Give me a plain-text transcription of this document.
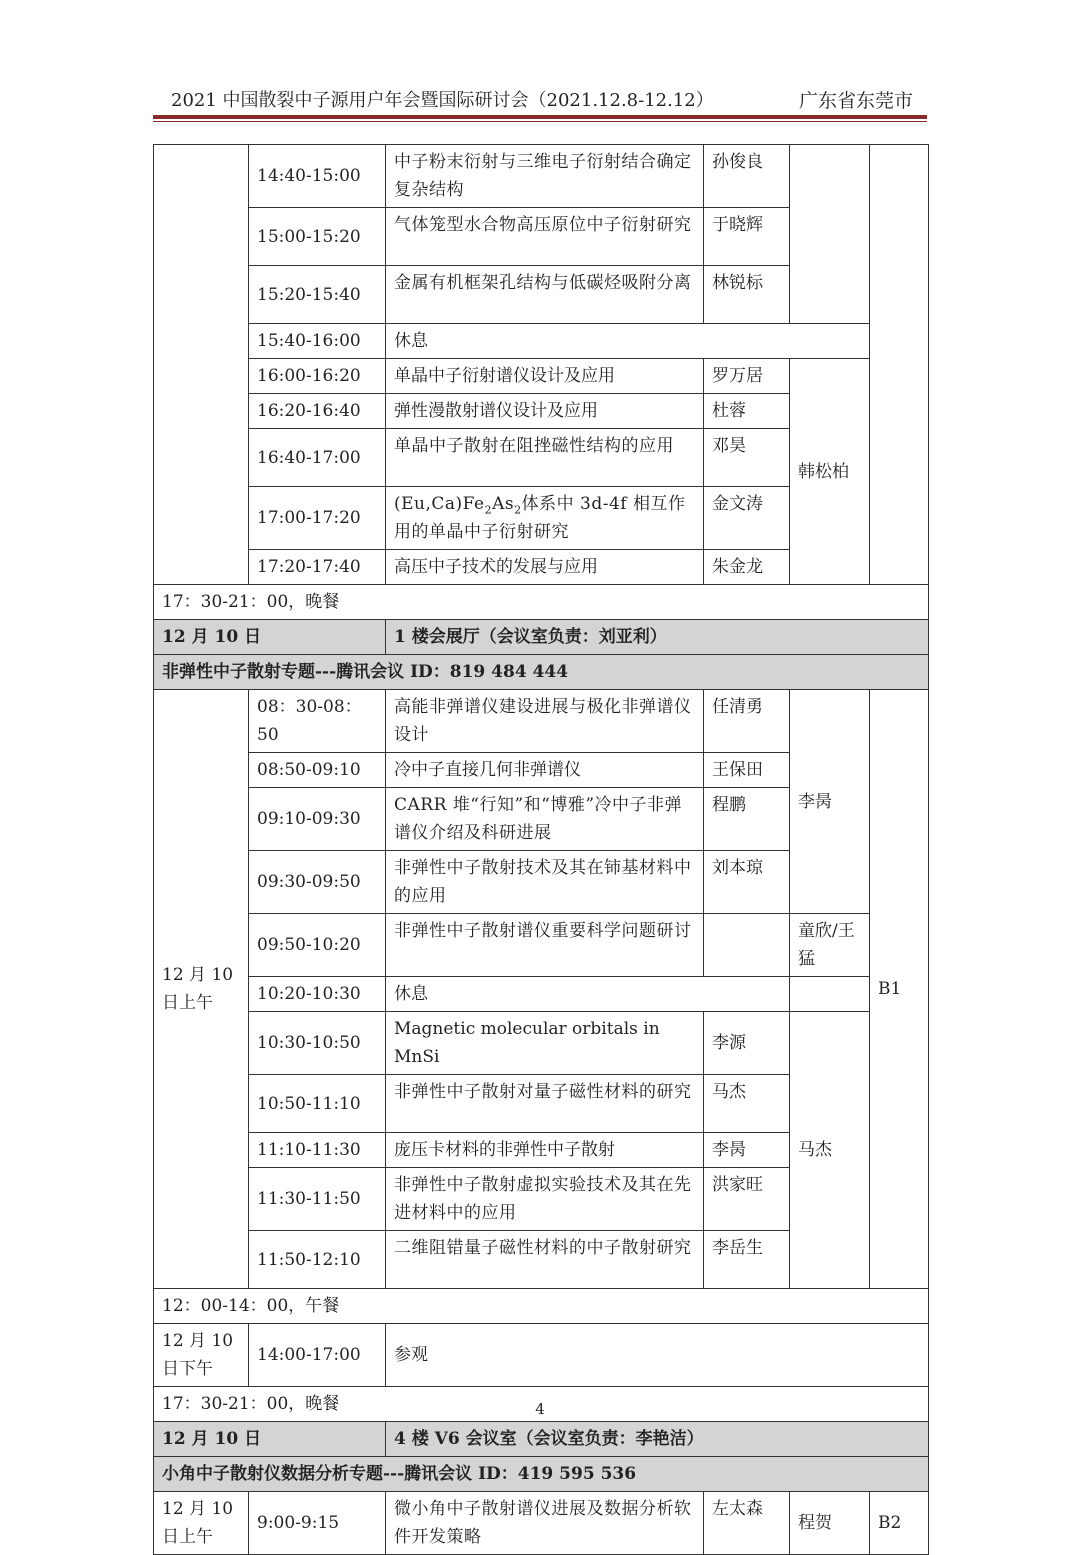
2021 中国散裂中子源用户年会暨国际研讨会（2021.12.8-12.12）	广东省东莞市
	14:40-15:00	中子粉末衍射与三维电子衍射结合确定复杂结构	孙俊良		
	15:00-15:20	气体笼型水合物高压原位中子衍射研究	于晓辉		
	15:20-15:40	金属有机框架孔结构与低碳烃吸附分离	林锐标		
	15:40-16:00	休息			
	16:00-16:20	单晶中子衍射谱仪设计及应用	罗万居	韩松柏	
	16:20-16:40	弹性漫散射谱仪设计及应用	杜蓉		
	16:40-17:00	单晶中子散射在阻挫磁性结构的应用	邓昊		
	17:00-17:20	$(Eu,Ca)Fe_2As_2$体系中 3d-4f 相互作用的单晶中子衍射研究	金文涛		
	17:20-17:40	高压中子技术的发展与应用	朱金龙		
17：30-21：00，晚餐					
12 月 10 日		1 楼会展厅（会议室负责：刘亚利）			
非弹性中子散射专题---腾讯会议 ID：819 484 444					
12 月 10 日上午	08：30-08：50	高能非弹谱仪建设进展与极化非弹谱仪设计	任清勇	李昺	B1
	08:50-09:10	冷中子直接几何非弹谱仪	王保田		
	09:10-09:30	CARR 堆“行知”和“博雅”冷中子非弹谱仪介绍及科研进展	程鹏		
	09:30-09:50	非弹性中子散射技术及其在铈基材料中的应用	刘本琼		
	09:50-10:20	非弹性中子散射谱仪重要科学问题研讨		童欣/王猛	
	10:20-10:30	休息			
	10:30-10:50	Magnetic molecular orbitals in MnSi	李源	马杰	
	10:50-11:10	非弹性中子散射对量子磁性材料的研究	马杰		
	11:10-11:30	庞压卡材料的非弹性中子散射	李昺		
	11:30-11:50	非弹性中子散射虚拟实验技术及其在先进材料中的应用	洪家旺		
	11:50-12:10	二维阻错量子磁性材料的中子散射研究	李岳生		
12：00-14：00，午餐					
12 月 10 日下午	14:00-17:00	参观			
17：30-21：00，晚餐					
12 月 10 日		4 楼 V6 会议室（会议室负责：李艳洁）			
小角中子散射仪数据分析专题---腾讯会议 ID：419 595 536					
12 月 10 日上午	9:00-9:15	微小角中子散射谱仪进展及数据分析软件开发策略	左太森	程贺	B2
4
